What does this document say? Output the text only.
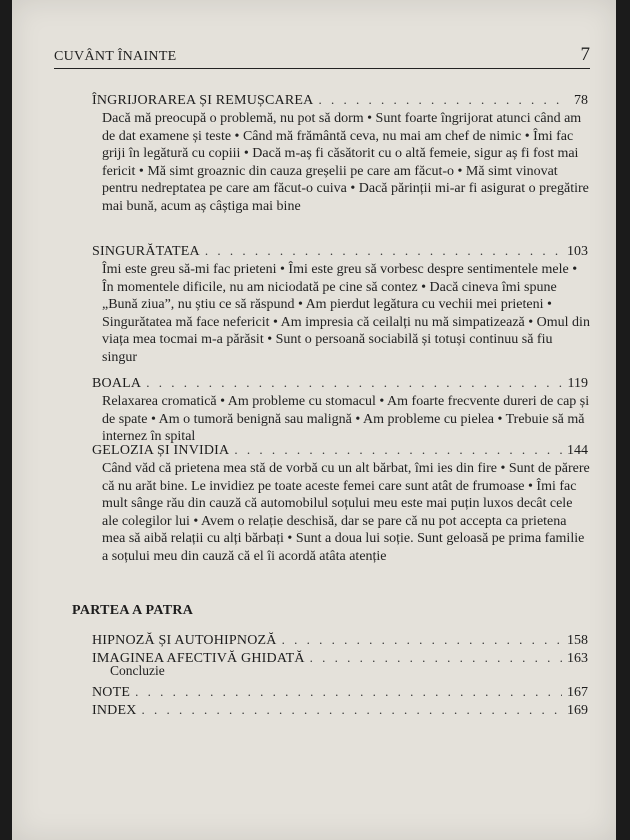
CUVÂNT ÎNAINTE	7
ÎNGRIJORAREA ȘI REMUȘCAREA . . .	78

Dacă mă preocupă o problemă, nu pot să dorm • Sunt foarte îngrijorat atunci când am de dat examene și teste • Când mă frământă ceva, nu mai am chef de nimic • Îmi fac griji în legătură cu copiii • Dacă m-aș fi căsătorit cu o altă femeie, sigur aș fi fost mai fericit • Mă simt groaznic din cauza greșelii pe care am făcut-o • Mă simt vinovat pentru nedreptatea pe care am făcut-o cuiva • Dacă părinții mi-ar fi asigurat o pregătire mai bună, acum aș câștiga mai bine

SINGURĂTATEA . . .	103

Îmi este greu să-mi fac prieteni • Îmi este greu să vorbesc despre sentimentele mele • În momentele dificile, nu am niciodată pe cine să contez • Dacă cineva îmi spune „Bună ziua”, nu știu ce să răspund • Am pierdut legătura cu vechii mei prieteni • Singurătatea mă face nefericit • Am impresia că ceilalți nu mă simpatizează • Omul din viața mea tocmai m-a părăsit • Sunt o persoană sociabilă și totuși continuu să fiu singur

BOALA . . .	119

Relaxarea cromatică • Am probleme cu stomacul • Am foarte frecvente dureri de cap și de spate • Am o tumoră benignă sau malignă • Am probleme cu pielea • Trebuie să mă internez în spital

GELOZIA ȘI INVIDIA . . .	144

Când văd că prietena mea stă de vorbă cu un alt bărbat, îmi ies din fire • Sunt de părere că nu arăt bine. Le invidiez pe toate aceste femei care sunt atât de frumoase • Îmi fac mult sânge rău din cauză că automobilul soțului meu este mai puțin luxos decât cele ale colegilor lui • Avem o relație deschisă, dar se pare că nu pot accepta ca prietena mea să aibă relații cu alți bărbați • Sunt a doua lui soție. Sunt geloasă pe prima familie a soțului meu din cauză că el îi acordă atâta atenție

PARTEA A PATRA
HIPNOZĂ ȘI AUTOHIPNOZĂ . . .	158
IMAGINEA AFECTIVĂ GHIDATĂ . . .	163
Concluzie
NOTE . . .	167
INDEX . . .	169
